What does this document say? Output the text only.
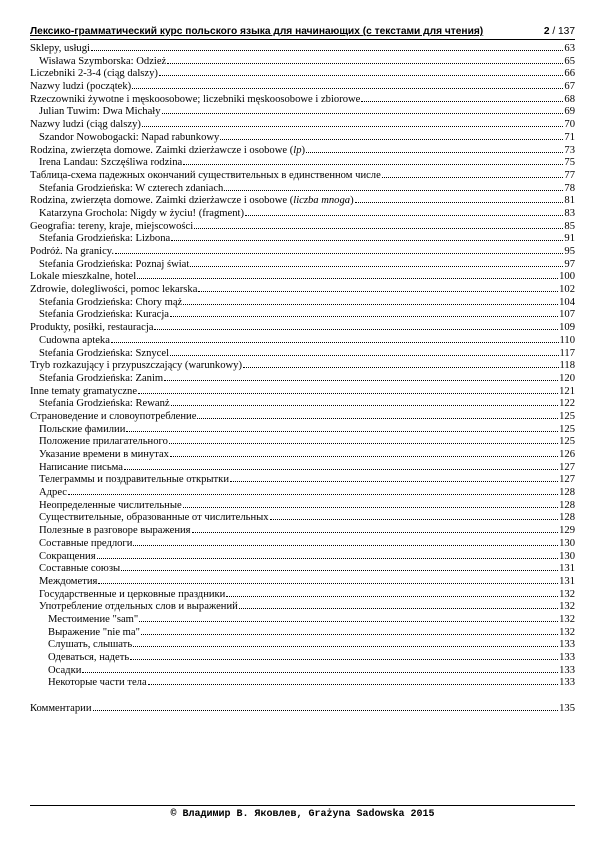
Лексико-грамматический курс польского языка для начинающих (с текстами для чтения)	2 / 137
Sklepy, usługi	63
Wisława Szymborska: Odzież	65
Liczebniki 2-3-4 (ciąg dalszy)	66
Nazwy ludzi (początek)	67
Rzeczowniki żywotne i męskoosobowe; liczebniki męskoosobowe i zbiorowe	68
Julian Tuwim: Dwa Michały	69
Nazwy ludzi (ciąg dalszy)	70
Szandor Nowobogacki: Napad rabunkowy	71
Rodzina, zwierzęta domowe. Zaimki dzierżawcze i osobowe (lp)	73
Irena Landau: Szczęśliwa rodzina	75
Таблица-схема падежных окончаний существительных в единственном числе	77
Stefania Grodzieńska: W czterech zdaniach	78
Rodzina, zwierzęta domowe. Zaimki dzierżawcze i osobowe (liczba mnoga)	81
Katarzyna Grochola: Nigdy w życiu! (fragment)	83
Geografia: tereny, kraje, miejscowości	85
Stefania Grodzieńska: Lizbona	91
Podróż. Na granicy.	95
Stefania Grodzieńska: Poznaj świat	97
Lokale mieszkalne, hotel	100
Zdrowie, dolegliwości, pomoc lekarska	102
Stefania Grodzieńska: Chory mąż	104
Stefania Grodzieńska: Kuracja	107
Produkty, posiłki, restauracja	109
Cudowna apteka	110
Stefania Grodzieńska: Sznycel	117
Tryb rozkazujący i przypuszczający (warunkowy)	118
Stefania Grodzieńska: Zanim	120
Inne tematy gramatyczne	121
Stefania Grodzieńska: Rewanż	122
Страноведение и словоупотребление	125
Польские фамилии	125
Положение прилагательного	125
Указание времени в минутах	126
Написание письма	127
Телеграммы и поздравительные открытки	127
Адрес	128
Неопределенные числительные	128
Существительные, образованные от числительных	128
Полезные в разговоре выражения	129
Составные предлоги	130
Сокращения	130
Составные союзы	131
Междометия	131
Государственные и церковные праздники	132
Употребление отдельных слов и выражений	132
Местоимение "sam"	132
Выражение "nie ma"	132
Слушать, слышать	133
Одеваться, надеть	133
Осадки	133
Некоторые части тела	133
Комментарии	135
© Владимир В. Яковлев, Grażyna Sadowska 2015
